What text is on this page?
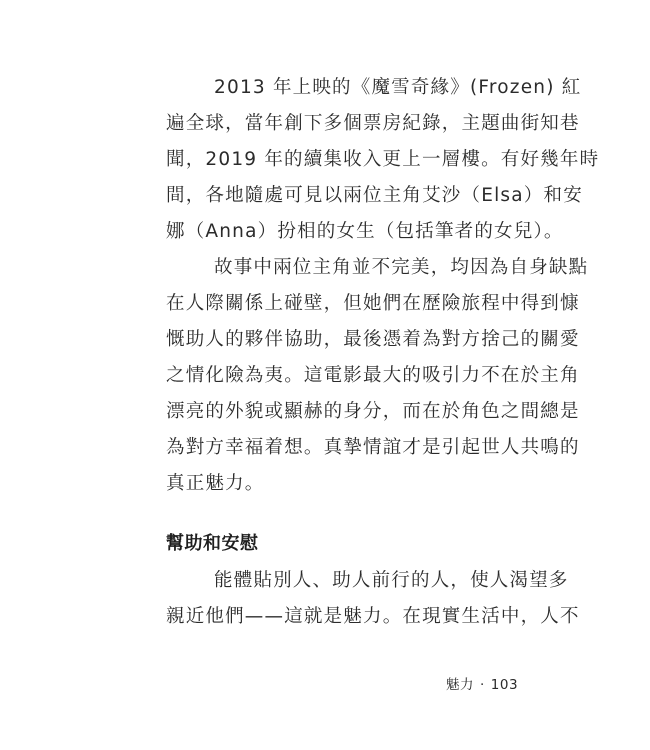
2013 年上映的《魔雪奇緣》(Frozen) 紅
遍全球，當年創下多個票房紀錄，主題曲街知巷
聞，2019 年的續集收入更上一層樓。有好幾年時
間，各地隨處可見以兩位主角艾沙（Elsa）和安
娜（Anna）扮相的女生（包括筆者的女兒）。
故事中兩位主角並不完美，均因為自身缺點
在人際關係上碰壁，但她們在歷險旅程中得到慷
慨助人的夥伴協助，最後憑着為對方捨己的關愛
之情化險為夷。這電影最大的吸引力不在於主角
漂亮的外貌或顯赫的身分，而在於角色之間總是
為對方幸福着想。真摯情誼才是引起世人共鳴的
真正魅力。
幫助和安慰
能體貼別人、助人前行的人，使人渴望多
親近他們——這就是魅力。在現實生活中，人不
魅力 · 103
